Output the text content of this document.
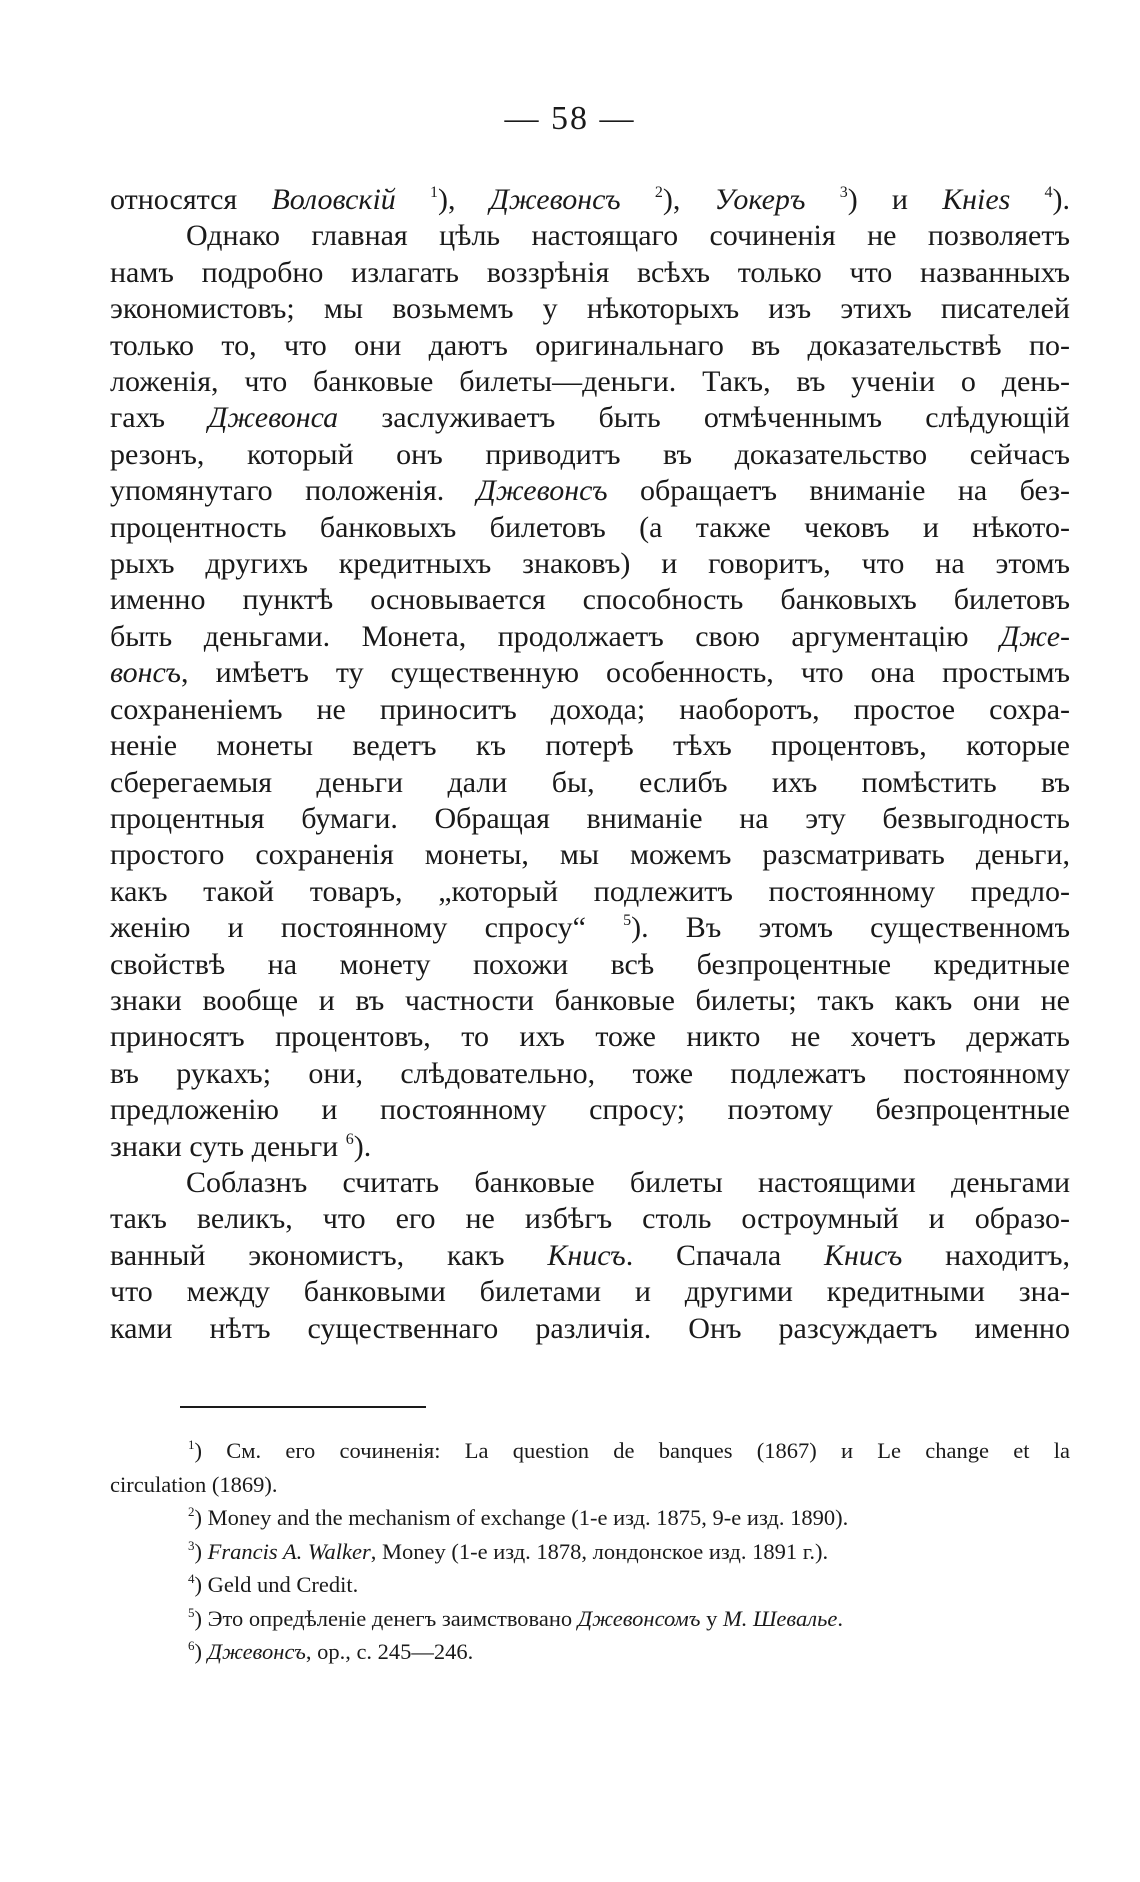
— 58 —
относятся Воловскій $^1$), Джевонсъ $^2$), Уокеръ $^3$) и Кніеѕ $^4$).
Однако главная цѣль настоящаго сочиненія не позволяетъ
намъ подробно излагать воззрѣнія всѣхъ только что названныхъ
экономистовъ; мы возьмемъ у нѣкоторыхъ изъ этихъ писателей
только то, что они даютъ оригинальнаго въ доказательствѣ по-
ложенія, что банковые билеты—деньги. Такъ, въ ученіи о день-
гахъ Джевонса заслуживаетъ быть отмѣченнымъ слѣдующій
резонъ, который онъ приводитъ въ доказательство сейчасъ
упомянутаго положенія. Джевонсъ обращаетъ вниманіе на без-
процентность банковыхъ билетовъ (а также чековъ и нѣкото-
рыхъ другихъ кредитныхъ знаковъ) и говоритъ, что на этомъ
именно пунктѣ основывается способность банковыхъ билетовъ
быть деньгами. Монета, продолжаетъ свою аргументацію Дже-
вонсъ, имѣетъ ту существенную особенность, что она простымъ
сохраненіемъ не приноситъ дохода; наоборотъ, простое сохра-
неніе монеты ведетъ къ потерѣ тѣхъ процентовъ, которые
сберегаемыя деньги дали бы, еслибъ ихъ помѣстить въ
процентныя бумаги. Обращая вниманіе на эту безвыгодность
простого сохраненія монеты, мы можемъ разсматривать деньги,
какъ такой товаръ, „который подлежитъ постоянному предло-
женію и постоянному спросу“ $^5$). Въ этомъ существенномъ
свойствѣ на монету похожи всѣ безпроцентные кредитные
знаки вообще и въ частности банковые билеты; такъ какъ они не
приносятъ процентовъ, то ихъ тоже никто не хочетъ держать
въ рукахъ; они, слѣдовательно, тоже подлежатъ постоянному
предложенію и постоянному спросу; поэтому безпроцентные
знаки суть деньги $^6$).
Соблазнъ считать банковые билеты настоящими деньгами
такъ великъ, что его не избѣгъ столь остроумный и образо-
ванный экономистъ, какъ Книсъ. Спачала Книсъ находитъ,
что между банковыми билетами и другими кредитными зна-
ками нѣтъ существеннаго различія. Онъ разсуждаетъ именно
$^1$) См. его сочиненія: La question de banques (1867) и Le change et la
circulation (1869).
$^2$) Money and the mechanism of exchange (1-е изд. 1875, 9-е изд. 1890).
$^3$) Francis A. Walker, Money (1-е изд. 1878, лондонское изд. 1891 г.).
$^4$) Geld und Credit.
$^5$) Это опредѣленіе денегъ заимствовано Джевонсомъ у М. Шевалье.
$^6$) Джевонсъ, op., с. 245—246.
